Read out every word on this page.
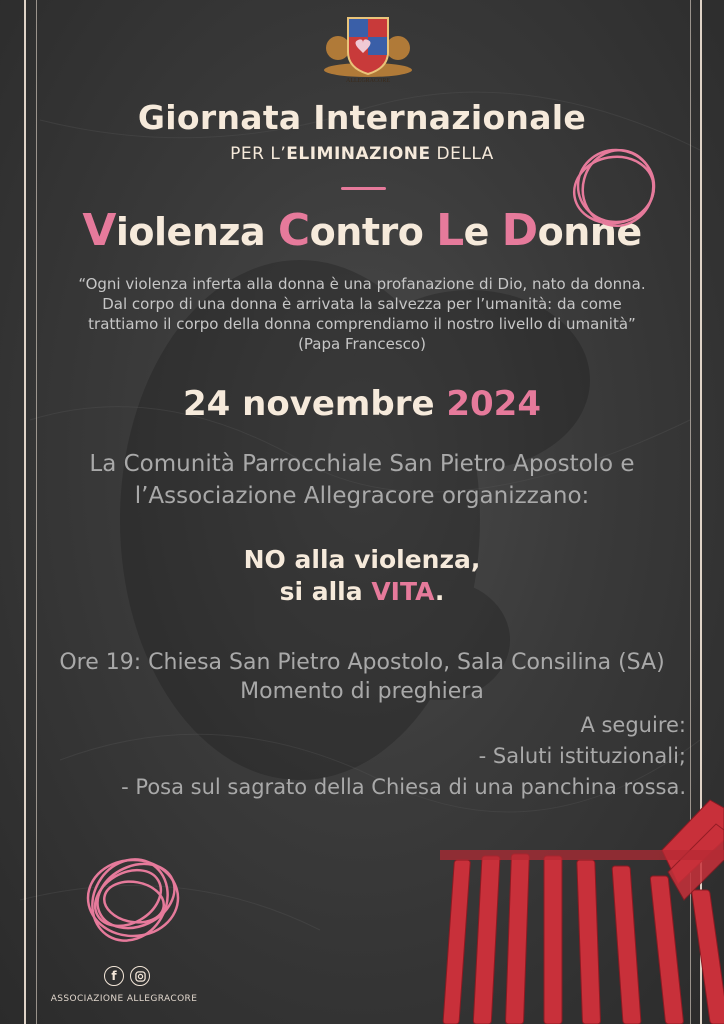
ALLEGRACORE
Giornata Internazionale
PER L’ELIMINAZIONE DELLA
Violenza Contro Le Donne
“Ogni violenza inferta alla donna è una profanazione di Dio, nato da donna.
Dal corpo di una donna è arrivata la salvezza per l’umanità: da come
trattiamo il corpo della donna comprendiamo il nostro livello di umanità”
(Papa Francesco)
24 novembre 2024
La Comunità Parrocchiale San Pietro Apostolo e
l’Associazione Allegracore organizzano:
NO alla violenza,
si alla VITA.
Ore 19: Chiesa San Pietro Apostolo, Sala Consilina (SA)
Momento di preghiera
A seguire:
- Saluti istituzionali;
- Posa sul sagrato della Chiesa di una panchina rossa.
f
ASSOCIAZIONE ALLEGRACORE
